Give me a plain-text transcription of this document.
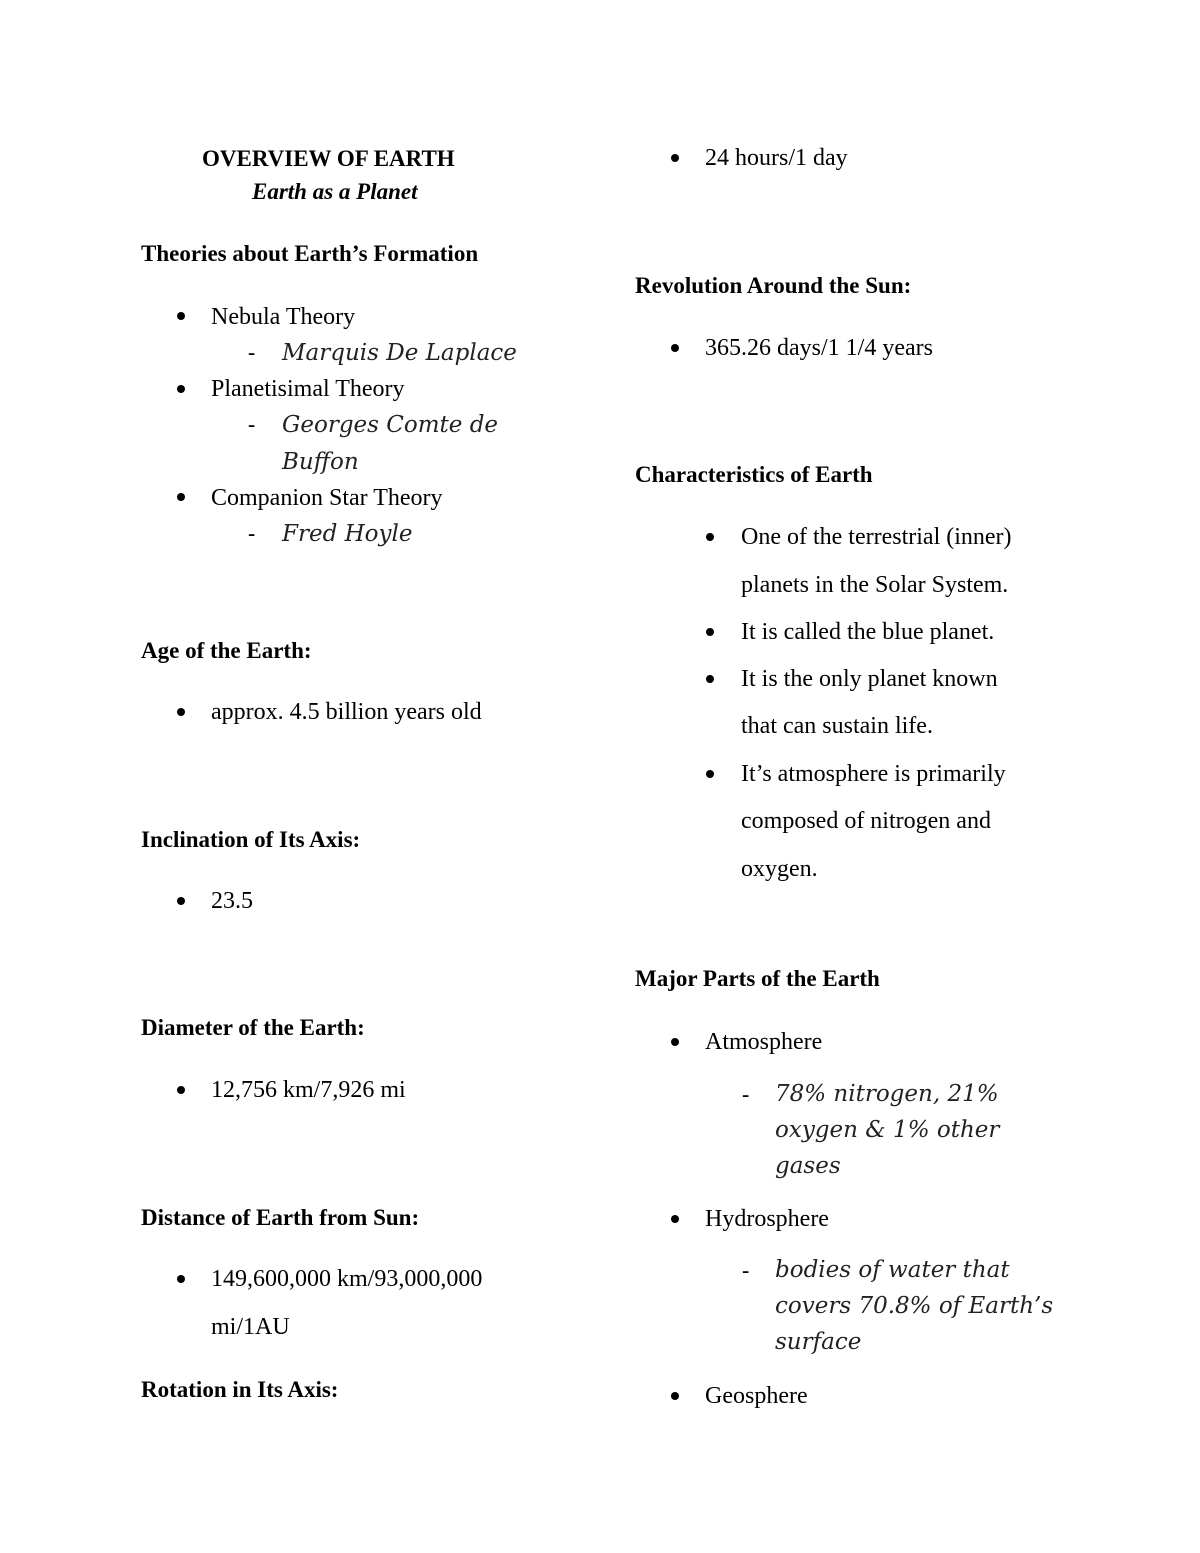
OVERVIEW OF EARTH
Earth as a Planet
Theories about Earth’s Formation
Nebula Theory
- Marquis De Laplace
Planetisimal Theory
- Georges Comte de
Buffon
Companion Star Theory
- Fred Hoyle
Age of the Earth:
approx. 4.5 billion years old
Inclination of Its Axis:
23.5
Diameter of the Earth:
12,756 km/7,926 mi
Distance of Earth from Sun:
149,600,000 km/93,000,000
mi/1AU
Rotation in Its Axis:
24 hours/1 day
Revolution Around the Sun:
365.26 days/1 1/4 years
Characteristics of Earth
One of the terrestrial (inner)
planets in the Solar System.
It is called the blue planet.
It is the only planet known
that can sustain life.
It’s atmosphere is primarily
composed of nitrogen and
oxygen.
Major Parts of the Earth
Atmosphere
- 78% nitrogen, 21%
oxygen & 1% other
gases
Hydrosphere
- bodies of water that
covers 70.8% of Earth’s
surface
Geosphere
